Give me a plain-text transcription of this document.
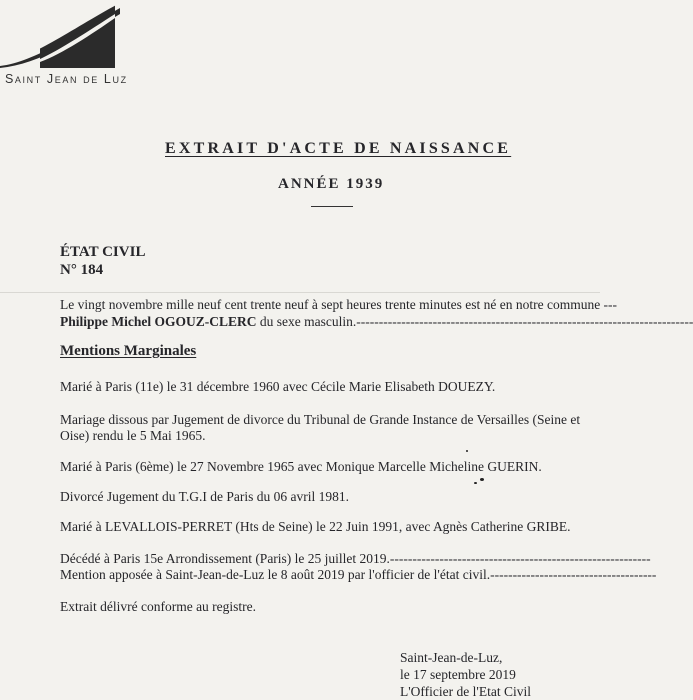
Saint Jean de Luz
EXTRAIT D'ACTE DE NAISSANCE
ANNÉE 1939
ÉTAT CIVIL
N° 184
Le vingt novembre mille neuf cent trente neuf à sept heures trente minutes est né en notre commune ---
Philippe Michel OGOUZ-CLERC du sexe masculin.---------------------------------------------------------------------------
Mentions Marginales
Marié à Paris (11e) le 31 décembre 1960 avec Cécile Marie Elisabeth DOUEZY.
Mariage dissous par Jugement de divorce du Tribunal de Grande Instance de Versailles (Seine et
Oise) rendu le 5 Mai 1965.
Marié à Paris (6ème) le 27 Novembre 1965 avec Monique Marcelle Micheline GUERIN.
Divorcé Jugement du T.G.I de Paris du 06 avril 1981.
Marié à LEVALLOIS-PERRET (Hts de Seine) le 22 Juin 1991, avec Agnès Catherine GRIBE.
Décédé à Paris 15e Arrondissement (Paris) le 25 juillet 2019.----------------------------------------------------------
Mention apposée à Saint-Jean-de-Luz le 8 août 2019 par l'officier de l'état civil.-------------------------------------
Extrait délivré conforme au registre.
Saint-Jean-de-Luz,
le 17 septembre 2019
L'Officier de l'Etat Civil
